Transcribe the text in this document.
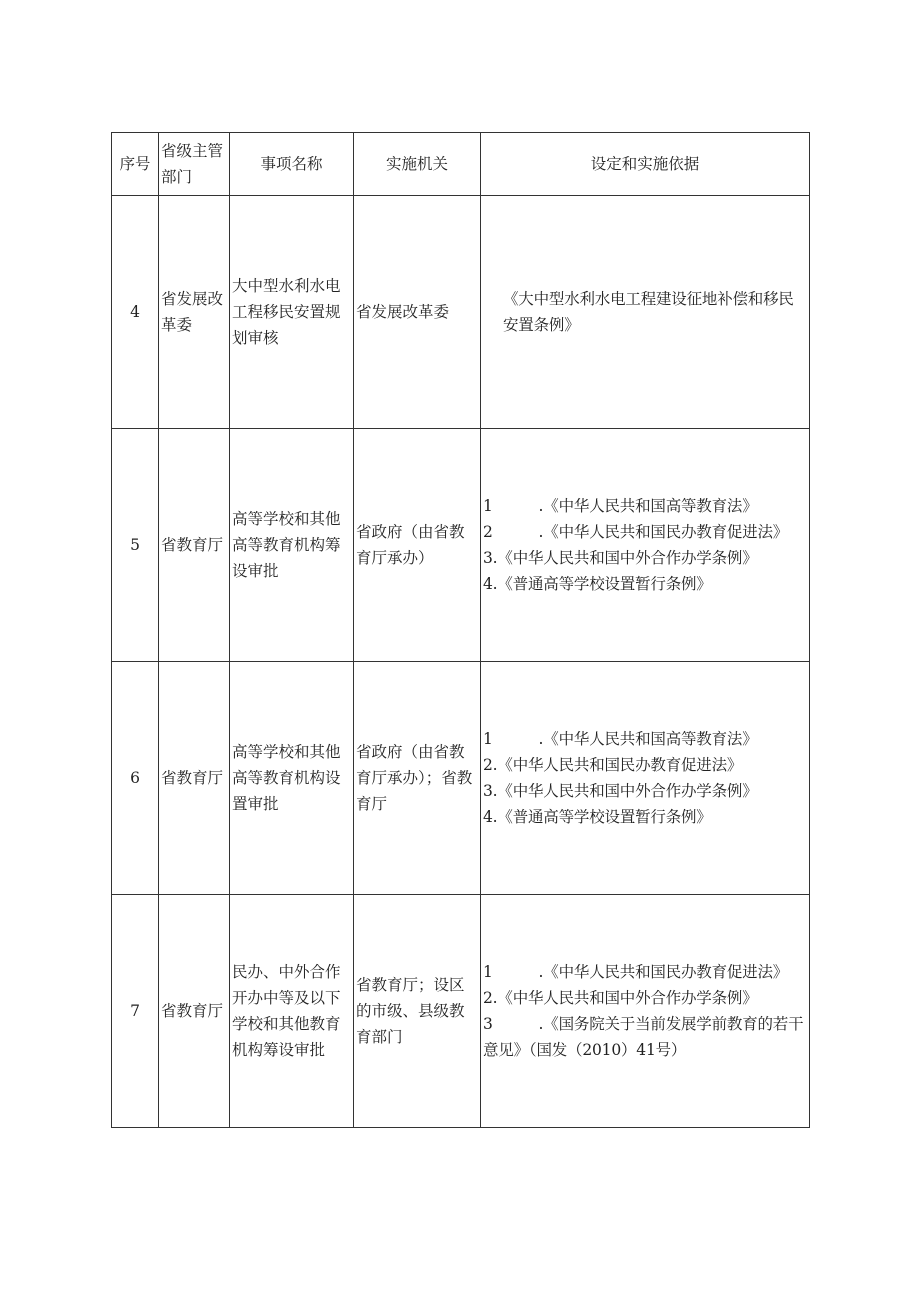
序号	省级主管部门	事项名称	实施机关	设定和实施依据
4	省发展改革委	大中型水利水电工程移民安置规划审核	省发展改革委	《大中型水利水电工程建设征地补偿和移民安置条例》

5	省教育厅	高等学校和其他高等教育机构筹设审批	省政府（由省教育厅承办）	1　　　.《中华人民共和国高等教育法》
2　　　.《中华人民共和国民办教育促进法》
3.《中华人民共和国中外合作办学条例》
4.《普通高等学校设置暂行条例》

6	省教育厅	高等学校和其他高等教育机构设置审批	省政府（由省教育厅承办）；省教育厅	1　　　.《中华人民共和国高等教育法》
2.《中华人民共和国民办教育促进法》
3.《中华人民共和国中外合作办学条例》
4.《普通高等学校设置暂行条例》

7	省教育厅	民办、中外合作开办中等及以下学校和其他教育机构筹设审批	省教育厅；设区的市级、县级教育部门	1　　　.《中华人民共和国民办教育促进法》
2.《中华人民共和国中外合作办学条例》
3　　　.《国务院关于当前发展学前教育的若干意见》（国发（2010）41号）
